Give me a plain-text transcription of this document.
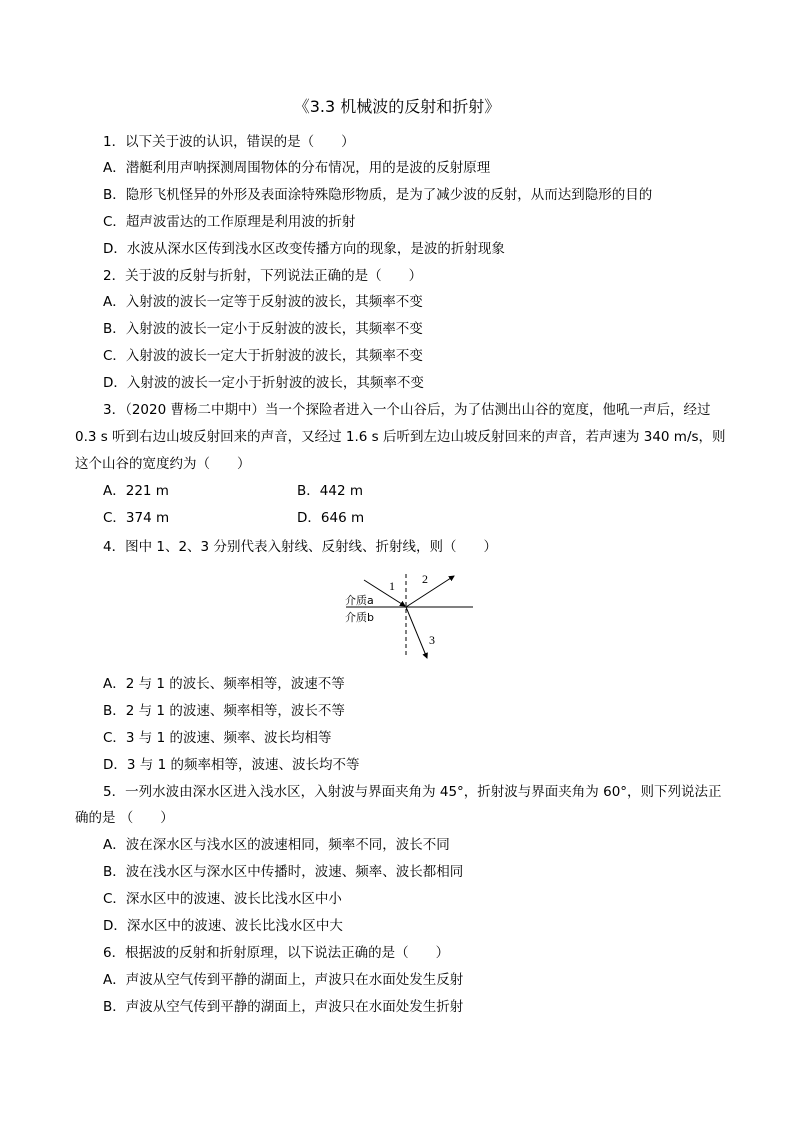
《3.3 机械波的反射和折射》
1．以下关于波的认识，错误的是（　　）
A．潜艇利用声呐探测周围物体的分布情况，用的是波的反射原理
B．隐形飞机怪异的外形及表面涂特殊隐形物质，是为了减少波的反射，从而达到隐形的目的
C．超声波雷达的工作原理是利用波的折射
D．水波从深水区传到浅水区改变传播方向的现象，是波的折射现象
2．关于波的反射与折射，下列说法正确的是（　　）
A．入射波的波长一定等于反射波的波长，其频率不变
B．入射波的波长一定小于反射波的波长，其频率不变
C．入射波的波长一定大于折射波的波长，其频率不变
D．入射波的波长一定小于折射波的波长，其频率不变
3．（2020 曹杨二中期中）当一个探险者进入一个山谷后，为了估测出山谷的宽度，他吼一声后，经过
0.3 s 听到右边山坡反射回来的声音，又经过 1.6 s 后听到左边山坡反射回来的声音，若声速为 340 m/s，则
这个山谷的宽度约为（　　）
A．221 m	B．442 m
C．374 m	D．646 m
4．图中 1、2、3 分别代表入射线、反射线、折射线，则（　　）
1 2
3
介质a
介质b
A．2 与 1 的波长、频率相等，波速不等
B．2 与 1 的波速、频率相等，波长不等
C．3 与 1 的波速、频率、波长均相等
D．3 与 1 的频率相等，波速、波长均不等
5．一列水波由深水区进入浅水区，入射波与界面夹角为 45°，折射波与界面夹角为 60°，则下列说法正
确的是 （　　）
A．波在深水区与浅水区的波速相同，频率不同，波长不同
B．波在浅水区与深水区中传播时，波速、频率、波长都相同
C．深水区中的波速、波长比浅水区中小
D．深水区中的波速、波长比浅水区中大
6．根据波的反射和折射原理，以下说法正确的是（　　）
A．声波从空气传到平静的湖面上，声波只在水面处发生反射
B．声波从空气传到平静的湖面上，声波只在水面处发生折射
